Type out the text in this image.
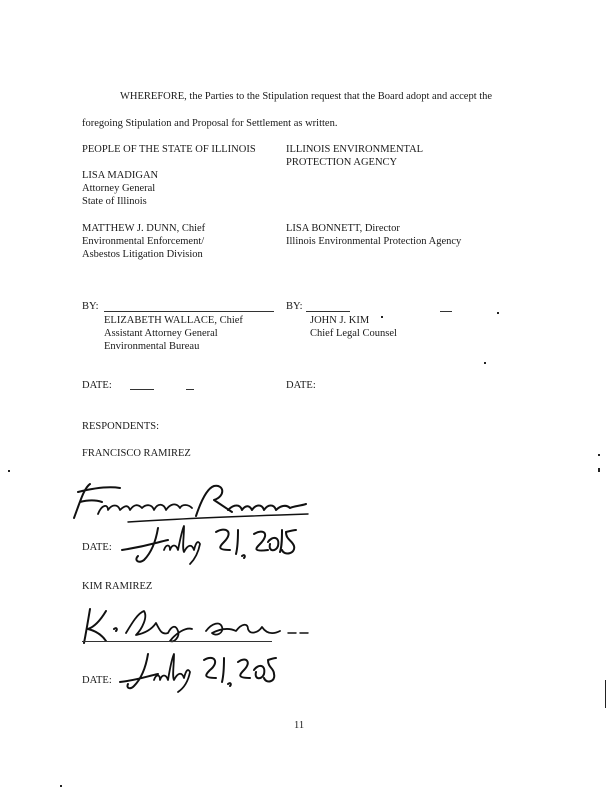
WHEREFORE, the Parties to the Stipulation request that the Board adopt and accept the
foregoing Stipulation and Proposal for Settlement as written.
PEOPLE OF THE STATE OF ILLINOIS
LISA MADIGAN
Attorney General
State of Illinois
MATTHEW J. DUNN, Chief
Environmental Enforcement/
Asbestos Litigation Division
BY:
ELIZABETH WALLACE, Chief
Assistant Attorney General
Environmental Bureau
DATE:
ILLINOIS ENVIRONMENTAL
PROTECTION AGENCY
LISA BONNETT, Director
Illinois Environmental Protection Agency
BY:
JOHN J. KIM
Chief Legal Counsel
DATE:
RESPONDENTS:
FRANCISCO RAMIREZ
DATE:
KIM RAMIREZ
DATE:
11
